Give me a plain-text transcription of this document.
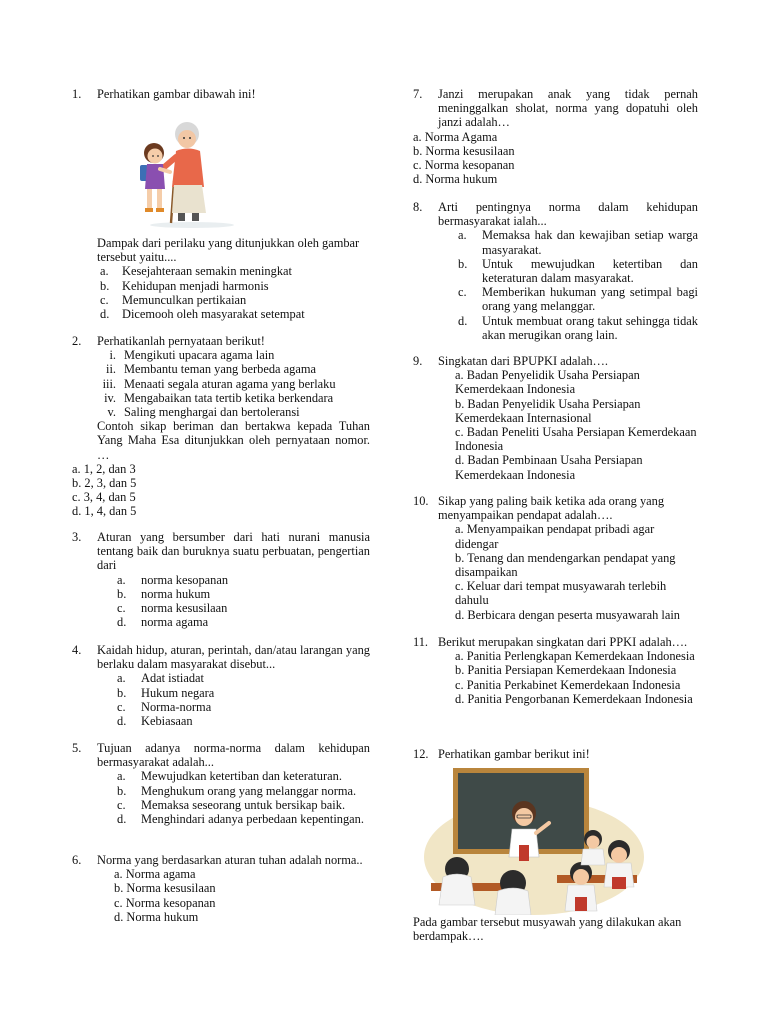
1.	Perhatikan gambar dibawah ini!
Dampak dari perilaku yang ditunjukkan oleh gambar tersebut yaitu....
a.	Kesejahteraan semakin meningkat
b.	Kehidupan menjadi harmonis
c.	Memunculkan pertikaian
d.	Dicemooh oleh masyarakat setempat
2.	Perhatikanlah pernyataan berikut!
i. Mengikuti upacara agama lain
ii. Membantu teman yang berbeda agama
iii. Menaati segala aturan agama yang berlaku
iv. Mengabaikan tata tertib ketika berkendara
v. Saling menghargai dan bertoleransi
Contoh sikap beriman dan bertakwa kepada Tuhan Yang Maha Esa ditunjukkan oleh pernyataan nomor. …
a. 1, 2, dan 3
b. 2, 3, dan 5
c. 3, 4, dan 5
d. 1, 4, dan 5
3.	Aturan yang bersumber dari hati nurani manusia tentang baik dan buruknya suatu perbuatan, pengertian dari
a.	norma kesopanan
b.	norma hukum
c.	norma kesusilaan
d.	norma agama
4.	Kaidah hidup, aturan, perintah, dan/atau larangan yang berlaku dalam masyarakat disebut...
a.	Adat istiadat
b.	Hukum negara
c.	Norma-norma
d.	Kebiasaan
5.	Tujuan adanya norma-norma dalam kehidupan bermasyarakat adalah...
a.	Mewujudkan ketertiban dan keteraturan.
b.	Menghukum orang yang melanggar norma.
c.	Memaksa seseorang untuk bersikap baik.
d.	Menghindari adanya perbedaan kepentingan.
6.	Norma yang berdasarkan aturan tuhan adalah norma..
a. Norma agama
b. Norma kesusilaan
c. Norma kesopanan
d. Norma hukum
7.	Janzi merupakan anak yang tidak pernah meninggalkan sholat, norma yang dopatuhi oleh janzi adalah…
a. Norma Agama
b. Norma kesusilaan
c. Norma kesopanan
d. Norma hukum
8.	Arti pentingnya norma dalam kehidupan bermasyarakat ialah...
a.	Memaksa hak dan kewajiban setiap warga masyarakat.
b.	Untuk mewujudkan ketertiban dan keteraturan dalam masyarakat.
c.	Memberikan hukuman yang setimpal bagi orang yang melanggar.
d.	Untuk membuat orang takut sehingga tidak akan merugikan orang lain.
9.	Singkatan dari BPUPKI adalah….
a. Badan Penyelidik Usaha Persiapan Kemerdekaan Indonesia
b. Badan Penyelidik Usaha Persiapan Kemerdekaan Internasional
c. Badan Peneliti Usaha Persiapan Kemerdekaan Indonesia
d. Badan Pembinaan Usaha Persiapan Kemerdekaan Indonesia
10. Sikap yang paling baik ketika ada orang yang menyampaikan pendapat adalah….
a. Menyampaikan pendapat pribadi agar didengar
b. Tenang dan mendengarkan pendapat yang disampaikan
c. Keluar dari tempat musyawarah terlebih dahulu
d. Berbicara dengan peserta musyawarah lain
11. Berikut merupakan singkatan dari PPKI adalah….
a. Panitia Perlengkapan Kemerdekaan Indonesia
b. Panitia Persiapan Kemerdekaan Indonesia
c. Panitia Perkabinet Kemerdekaan Indonesia
d. Panitia Pengorbanan Kemerdekaan Indonesia
12. Perhatikan gambar berikut ini!
Pada gambar tersebut musyawah yang dilakukan akan berdampak….
